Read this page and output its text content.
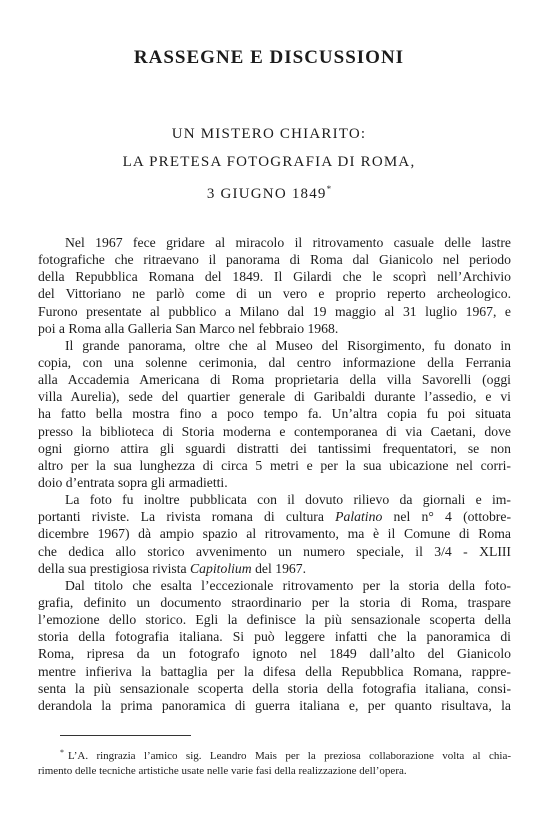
RASSEGNE E DISCUSSIONI
UN MISTERO CHIARITO:
LA PRETESA FOTOGRAFIA DI ROMA,
3 GIUGNO 1849*
Nel 1967 fece gridare al miracolo il ritrovamento casuale delle lastre
fotografiche che ritraevano il panorama di Roma dal Gianicolo nel periodo
della Repubblica Romana del 1849. Il Gilardi che le scoprì nell’Archivio
del Vittoriano ne parlò come di un vero e proprio reperto archeologico.
Furono presentate al pubblico a Milano dal 19 maggio al 31 luglio 1967, e
poi a Roma alla Galleria San Marco nel febbraio 1968.
Il grande panorama, oltre che al Museo del Risorgimento, fu donato in
copia, con una solenne cerimonia, dal centro informazione della Ferrania
alla Accademia Americana di Roma proprietaria della villa Savorelli (oggi
villa Aurelia), sede del quartier generale di Garibaldi durante l’assedio, e vi
ha fatto bella mostra fino a poco tempo fa. Un’altra copia fu poi situata
presso la biblioteca di Storia moderna e contemporanea di via Caetani, dove
ogni giorno attira gli sguardi distratti dei tantissimi frequentatori, se non
altro per la sua lunghezza di circa 5 metri e per la sua ubicazione nel corri-
doio d’entrata sopra gli armadietti.
La foto fu inoltre pubblicata con il dovuto rilievo da giornali e im-
portanti riviste. La rivista romana di cultura Palatino nel n° 4 (ottobre-
dicembre 1967) dà ampio spazio al ritrovamento, ma è il Comune di Roma
che dedica allo storico avvenimento un numero speciale, il 3/4 - XLIII
della sua prestigiosa rivista Capitolium del 1967.
Dal titolo che esalta l’eccezionale ritrovamento per la storia della foto-
grafia, definito un documento straordinario per la storia di Roma, traspare
l’emozione dello storico. Egli la definisce la più sensazionale scoperta della
storia della fotografia italiana. Si può leggere infatti che la panoramica di
Roma, ripresa da un fotografo ignoto nel 1849 dall’alto del Gianicolo
mentre infieriva la battaglia per la difesa della Repubblica Romana, rappre-
senta la più sensazionale scoperta della storia della fotografia italiana, consi-
derandola la prima panoramica di guerra italiana e, per quanto risultava, la
* L’A. ringrazia l’amico sig. Leandro Mais per la preziosa collaborazione volta al chia-
rimento delle tecniche artistiche usate nelle varie fasi della realizzazione dell’opera.
